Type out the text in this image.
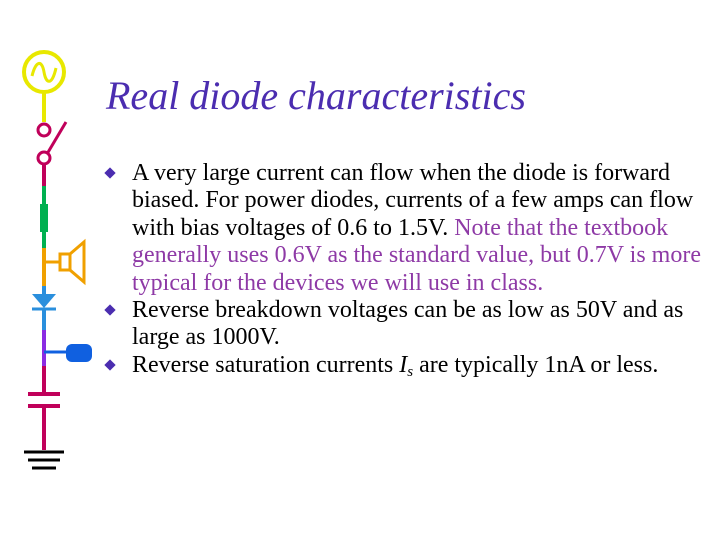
Real diode characteristics
A very large current can flow when the diode is forward biased. For power diodes, currents of a few amps can flow with bias voltages of 0.6 to 1.5V. Note that the textbook generally uses 0.6V as the standard value, but 0.7V is more typical for the devices we will use in class.
Reverse breakdown voltages can be as low as 50V and as large as 1000V.
Reverse saturation currents $I_s$ are typically 1nA or less.
